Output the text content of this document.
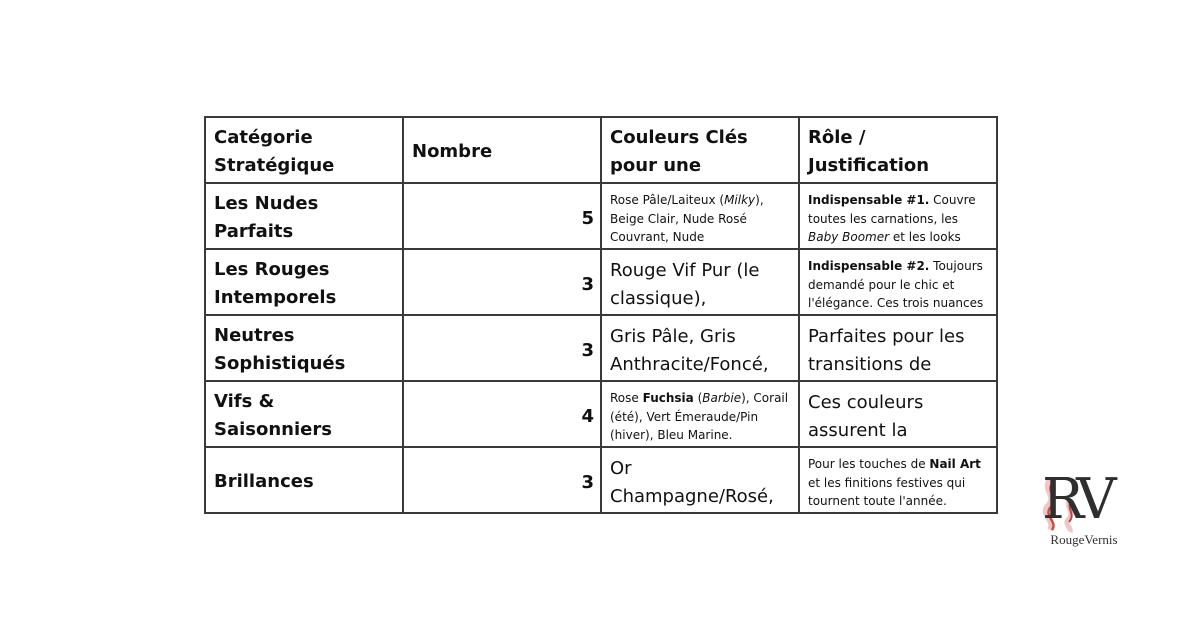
Catégorie Stratégique	Nombre	Couleurs Clés pour une	Rôle / Justification

Les Nudes Parfaits	5	Rose Pâle/Laiteux (Milky), Beige Clair, Nude Rosé Couvrant, Nude	Indispensable #1. Couvre toutes les carnations, les Baby Boomer et les looks

Les Rouges Intemporels	3	Rouge Vif Pur (le classique),	Indispensable #2. Toujours demandé pour le chic et l'élégance. Ces trois nuances

Neutres Sophistiqués	3	Gris Pâle, Gris Anthracite/Foncé,	Parfaites pour les transitions de

Vifs & Saisonniers	4	Rose Fuchsia (Barbie), Corail (été), Vert Émeraude/Pin (hiver), Bleu Marine.	Ces couleurs assurent la

Brillances	3	Or Champagne/Rosé,	Pour les touches de Nail Art et les finitions festives qui tournent toute l'année.	RV
RougeVernis
